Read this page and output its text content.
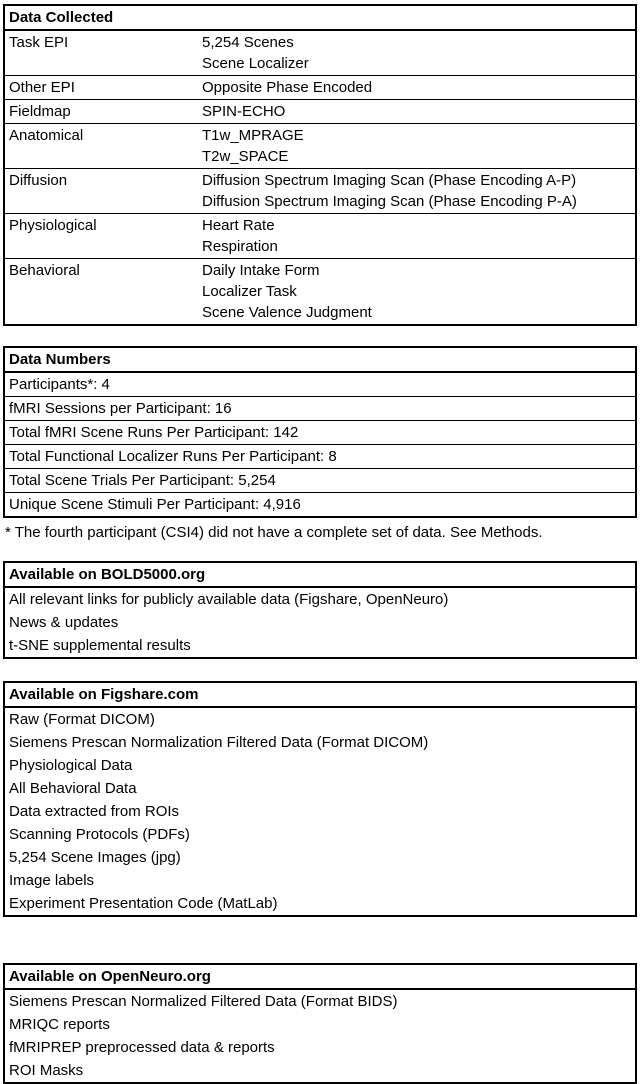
Data Collected
Task EPI	5,254 Scenes
Scene Localizer
Other EPI	Opposite Phase Encoded
Fieldmap	SPIN-ECHO
Anatomical	T1w_MPRAGE
T2w_SPACE
Diffusion	Diffusion Spectrum Imaging Scan (Phase Encoding A-P)
Diffusion Spectrum Imaging Scan (Phase Encoding P-A)
Physiological	Heart Rate
Respiration
Behavioral	Daily Intake Form
Localizer Task
Scene Valence Judgment
Data Numbers
Participants*: 4
fMRI Sessions per Participant: 16
Total fMRI Scene Runs Per Participant: 142
Total Functional Localizer Runs Per Participant: 8
Total Scene Trials Per Participant: 5,254
Unique Scene Stimuli Per Participant: 4,916
* The fourth participant (CSI4) did not have a complete set of data. See Methods.
Available on BOLD5000.org
All relevant links for publicly available data (Figshare, OpenNeuro)
News & updates
t-SNE supplemental results
Available on Figshare.com
Raw (Format DICOM)
Siemens Prescan Normalization Filtered Data (Format DICOM)
Physiological Data
All Behavioral Data
Data extracted from ROIs
Scanning Protocols (PDFs)
5,254 Scene Images (jpg)
Image labels
Experiment Presentation Code (MatLab)
Available on OpenNeuro.org
Siemens Prescan Normalized Filtered Data (Format BIDS)
MRIQC reports
fMRIPREP preprocessed data & reports
ROI Masks
